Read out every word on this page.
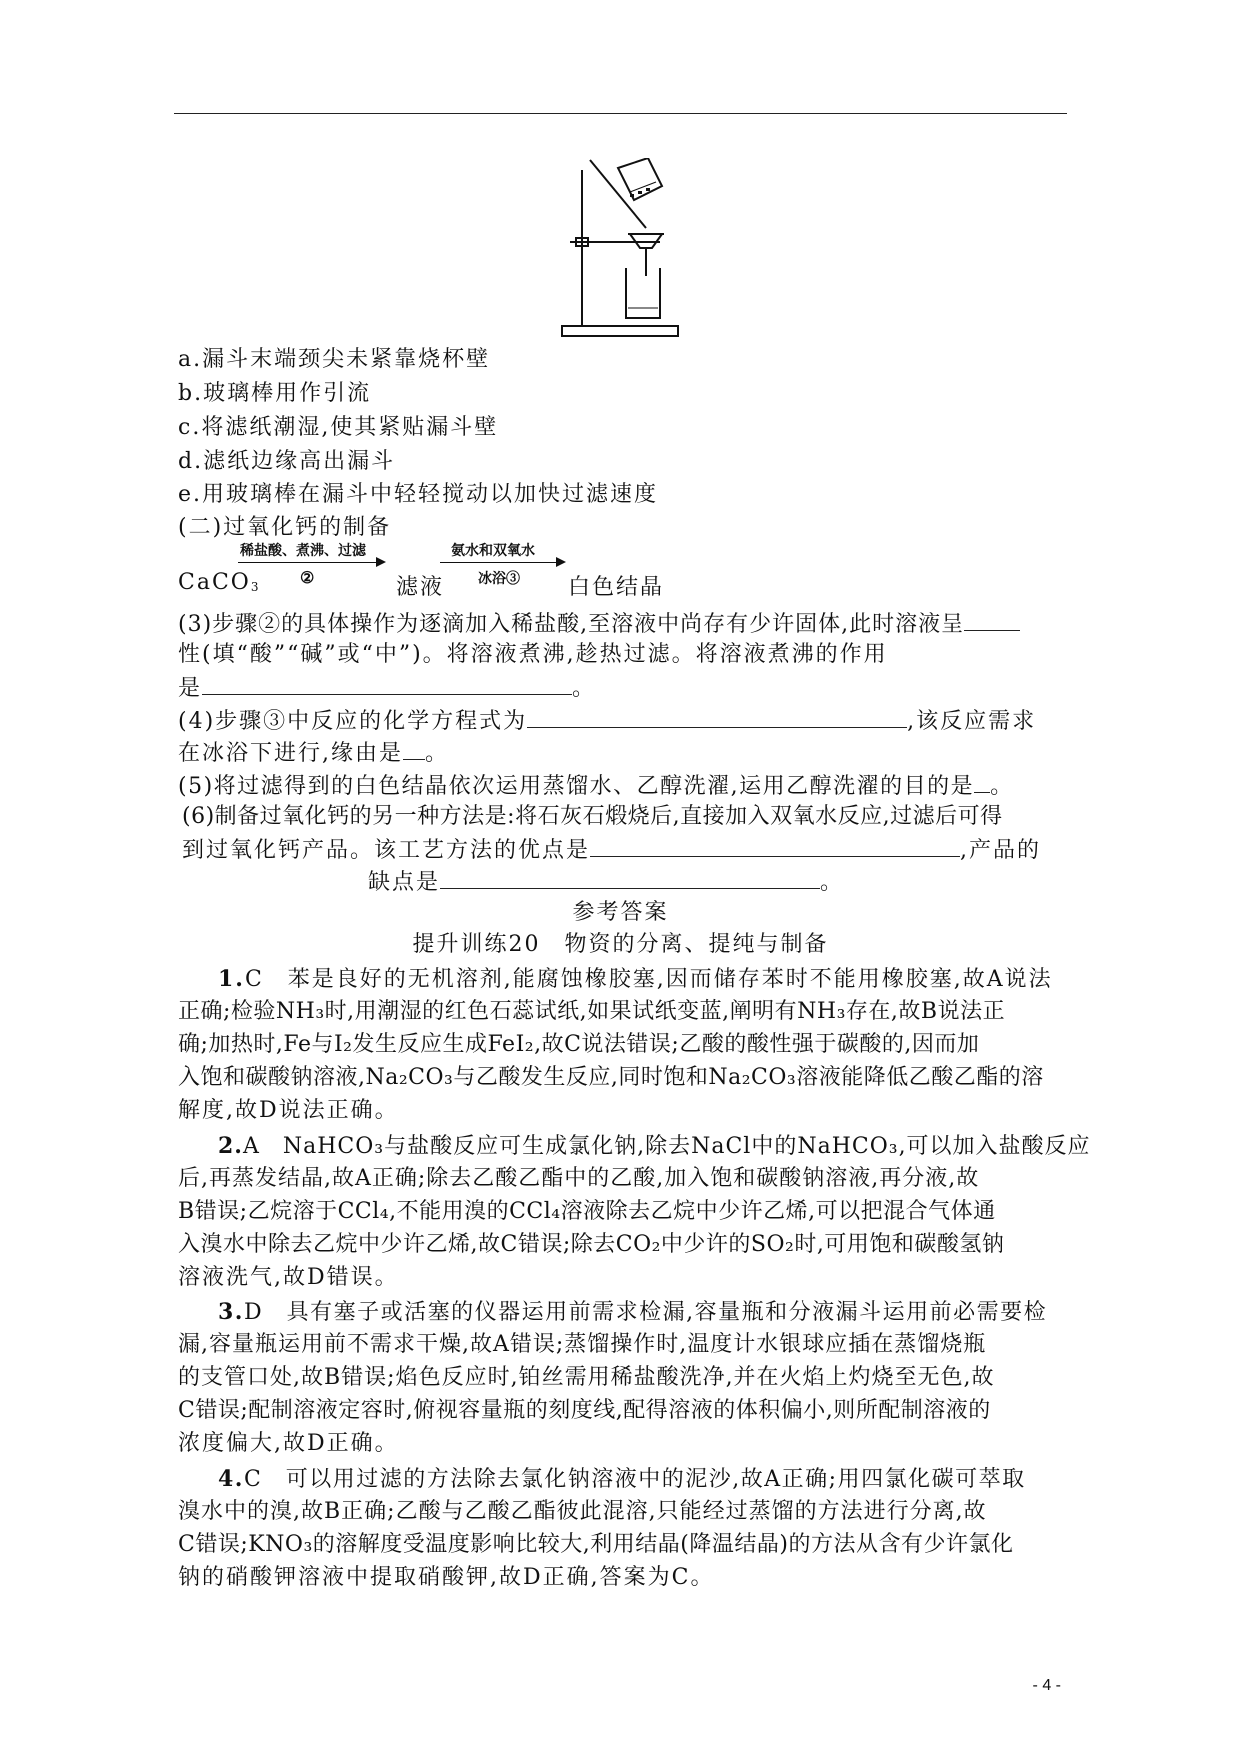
a.漏斗末端颈尖未紧靠烧杯壁
b.玻璃棒用作引流
c.将滤纸潮湿,使其紧贴漏斗壁
d.滤纸边缘高出漏斗
e.用玻璃棒在漏斗中轻轻搅动以加快过滤速度
(二)过氧化钙的制备
CaCO$_3$
稀盐酸、煮沸、过滤
②	滤液
氨水和双氧水
冰浴③ 白色结晶
(3)步骤②的具体操作为逐滴加入稀盐酸,至溶液中尚存有少许固体,此时溶液呈
性(填“酸”“碱”或“中”)。将溶液煮沸,趁热过滤。将溶液煮沸的作用
是	。
(4)步骤③中反应的化学方程式为	,该反应需求
在冰浴下进行,缘由是 。
(5)将过滤得到的白色结晶依次运用蒸馏水、乙醇洗濯,运用乙醇洗濯的目的是 。
(6)制备过氧化钙的另一种方法是:将石灰石煅烧后,直接加入双氧水反应,过滤后可得
到过氧化钙产品。该工艺方法的优点是	,产品的
缺点是	。
参考答案
提升训练20　物资的分离、提纯与制备
1.C　苯是良好的无机溶剂,能腐蚀橡胶塞,因而储存苯时不能用橡胶塞,故A说法
正确;检验NH₃时,用潮湿的红色石蕊试纸,如果试纸变蓝,阐明有NH₃存在,故B说法正
确;加热时,Fe与I₂发生反应生成FeI₂,故C说法错误;乙酸的酸性强于碳酸的,因而加
入饱和碳酸钠溶液,Na₂CO₃与乙酸发生反应,同时饱和Na₂CO₃溶液能降低乙酸乙酯的溶
解度,故D说法正确。
2.A　NaHCO₃与盐酸反应可生成氯化钠,除去NaCl中的NaHCO₃,可以加入盐酸反应
后,再蒸发结晶,故A正确;除去乙酸乙酯中的乙酸,加入饱和碳酸钠溶液,再分液,故
B错误;乙烷溶于CCl₄,不能用溴的CCl₄溶液除去乙烷中少许乙烯,可以把混合气体通
入溴水中除去乙烷中少许乙烯,故C错误;除去CO₂中少许的SO₂时,可用饱和碳酸氢钠
溶液洗气,故D错误。
3.D　具有塞子或活塞的仪器运用前需求检漏,容量瓶和分液漏斗运用前必需要检
漏,容量瓶运用前不需求干燥,故A错误;蒸馏操作时,温度计水银球应插在蒸馏烧瓶
的支管口处,故B错误;焰色反应时,铂丝需用稀盐酸洗净,并在火焰上灼烧至无色,故
C错误;配制溶液定容时,俯视容量瓶的刻度线,配得溶液的体积偏小,则所配制溶液的
浓度偏大,故D正确。
4.C　可以用过滤的方法除去氯化钠溶液中的泥沙,故A正确;用四氯化碳可萃取
溴水中的溴,故B正确;乙酸与乙酸乙酯彼此混溶,只能经过蒸馏的方法进行分离,故
C错误;KNO₃的溶解度受温度影响比较大,利用结晶(降温结晶)的方法从含有少许氯化
钠的硝酸钾溶液中提取硝酸钾,故D正确,答案为C。
- 4 -
